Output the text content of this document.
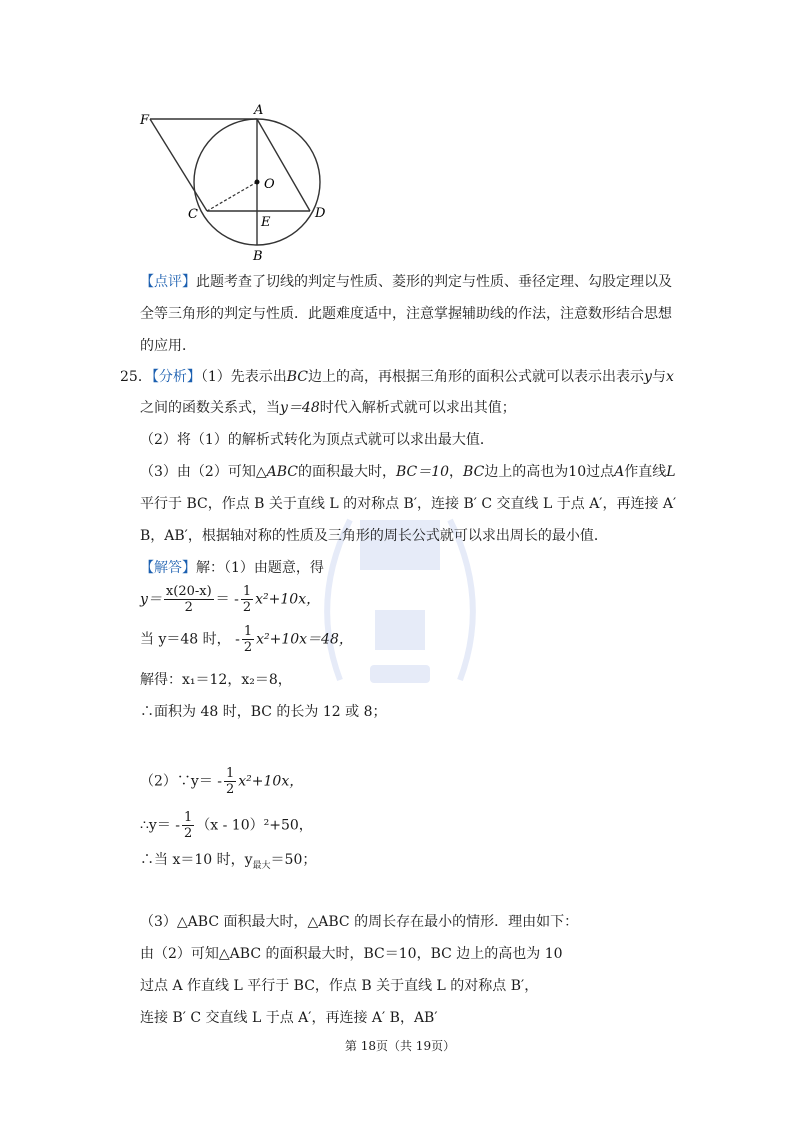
F
A
O
C
E
D
B
【点评】此题考查了切线的判定与性质、菱形的判定与性质、垂径定理、勾股定理以及
全等三角形的判定与性质．此题难度适中，注意掌握辅助线的作法，注意数形结合思想
的应用．
25．【分析】（1）先表示出BC边上的高，再根据三角形的面积公式就可以表示出表示y与x
之间的函数关系式，当y＝48时代入解析式就可以求出其值；
（2）将（1）的解析式转化为顶点式就可以求出最大值．
（3）由（2）可知△ABC的面积最大时，BC＝10，BC边上的高也为10过点A作直线L
平行于 BC，作点 B 关于直线 L 的对称点 B′，连接 B′ C 交直线 L 于点 A′，再连接 A′
B，AB′，根据轴对称的性质及三角形的周长公式就可以求出周长的最小值．
【解答】解：（1）由题意，得
$y= \frac{x(20-x)}{2}$ ＝ - $\frac{1}{2} x^2+10x$，
当 y＝48 时， - $\frac{1}{2} x^2+10x=48$，
解得：x₁＝12，x₂＝8，
∴面积为 48 时，BC 的长为 12 或 8；
（2）∵y＝ - $\frac{1}{2} x^2+10x$，
∴y＝ - $\frac{1}{2} (x - 10)^2+50$，
∴当 x＝10 时，$y_{最大}=50$；
（3）△ABC 面积最大时，△ABC 的周长存在最小的情形．理由如下：
由（2）可知△ABC 的面积最大时，BC＝10，BC 边上的高也为 10
过点 A 作直线 L 平行于 BC，作点 B 关于直线 L 的对称点 B′，
连接 B′ C 交直线 L 于点 A′，再连接 A′ B，AB′
第 18页（共 19页）
